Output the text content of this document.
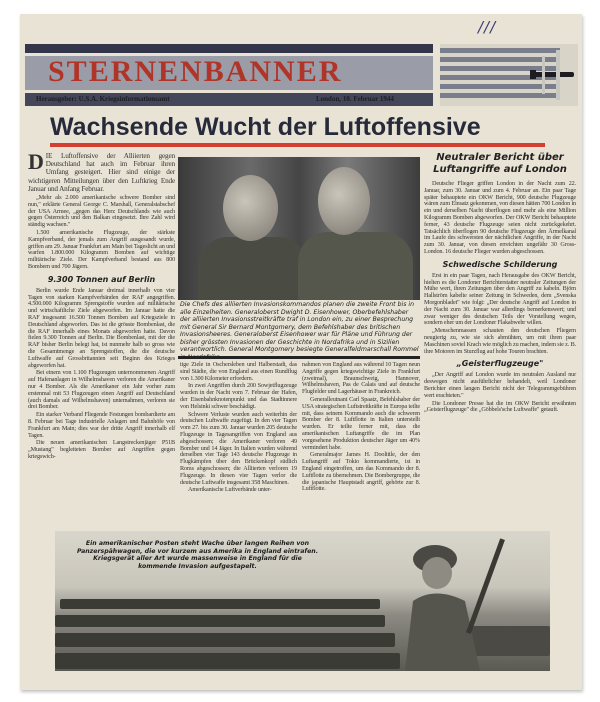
///
STERNENBANNER
Herausgeber: U.S.A. Kriegsinformationsamt	London, 10. Februar 1944
Wachsende Wucht der Luftoffensive
DIE Luftoffensive der Alliierten gegen Deutschland hat auch im Februar ihren Umfang gesteigert. Hier sind einige der wichtigeren Mitteilungen über den Luftkrieg Ende Januar und Anfang Februar.

„Mehr als 2.000 amerikanische schwere Bomber sind nun," erklärte General George C. Marshall, Generalstabschef der USA Armee, „gegen das Herz Deutschlands wie auch gegen Österreich und den Balkan eingesetzt. Ihre Zahl wird ständig wachsen."

1.500 amerikanische Flugzeuge, der stärkste Kampfverband, der jemals zum Angriff ausgesandt wurde, griffen am 29. Januar Frankfurt am Main bei Tageslicht an und warfen 1.800.000 Kilogramm Bomben auf wichtige militärische Ziele. Der Kampfverband bestand aus 800 Bombern und 700 Jägern.

9.300 Tonnen auf Berlin

Berlin wurde Ende Januar dreimal innerhalb von vier Tagen von starken Kampfverbänden der RAF angegriffen. 4.500.000 Kilogramm Sprengstoffe wurden auf militärische und wirtschaftliche Ziele abgeworfen. Im Januar hatte die RAF insgesamt 16.500 Tonnen Bomben auf Kriegsziele in Deutschland abgeworfen. Das ist die grösste Bombenlast, die die RAF innerhalb eines Monats abgeworfen hatte. Davon fielen 9.300 Tonnen auf Berlin. Die Bombenlast, mit der die RAF bisher Berlin belegt hat, ist nunmehr halb so gross wie die Gesamtmenge an Sprengstoffen, die die deutsche Luftwaffe auf Grossbritannien seit Beginn des Krieges abgeworfen hat.

Bei einem von 1.100 Flugzeugen unternommenen Angriff auf Hafenanlagen in Wilhelmshaven verloren die Amerikaner nur 4 Bomber. Als die Amerikaner ein Jahr vorher zum erstenmal mit 53 Flugzeugen einen Angriff auf Deutschland (auch damals auf Wilhelmshaven) unternahmen, verloren sie drei Bomber.

Ein starker Verband Fliegende Festungen bombardierte am 8. Februar bei Tage industrielle Anlagen und Bahnhöfe von Frankfurt am Main; dies war der dritte Angriff innerhalb elf Tagen.

Die neuen amerikanischen Langstreckenjäger P51B „Mustang" begleiteten Bomber auf Angriffen gegen kriegswich-

Die Chefs des alliierten Invasionskommandos planen die zweite Front bis in alle Einzelheiten. Generaloberst Dwight D. Eisenhower, Oberbefehlshaber der alliierten Invasionsstreitkräfte traf in London ein, zu einer Besprechung mit General Sir Bernard Montgomery, dem Befehlshaber des britischen Invasionsheeres. Generaloberst Eisenhower war für Pläne und Führung der bisher grössten Invasionen der Geschichte in Nordafrika und in Sizilien verantwortlich. General Montgomery besiegte Generalfeldmarschall Rommel

tige Ziele in Oschersleben und Halberstadt, das sind Städte, die von England aus einen Rundflug von 1.300 Kilometer erfordern.

In zwei Angriffen durch 200 Sowjetflugzeuge wurden in der Nacht vom 7. Februar der Hafen, der Eisenbahnknotenpunkt und das Stadtinnere von Helsinki schwer beschädigt.

Schwere Verluste wurden auch weiterhin der deutschen Luftwaffe zugefügt. In den vier Tagen vom 27. bis zum 30. Januar wurden 205 deutsche Flugzeuge in Tagesangriffen von England aus abgeschossen; die Amerikaner verloren 49 Bomber und 14 Jäger. In Italien wurden während derselben vier Tage 143 deutsche Flugzeuge in Flugkämpfen über den Brückenkopf südlich Roms abgeschossen; die Alliierten verloren 19 Flugzeuge. In diesen vier Tagen verlor die deutsche Luftwaffe insgesamt 358 Maschinen.

Amerikanische Luftverbände unter-

nahmen von England aus während 10 Tagen neun Angriffe gegen kriegswichtige Ziele in Frankfurt (zweimal), Braunschweig, Hannover, Wilhelmshaven, Pas de Calais und auf deutsche Flugfelder und Lagerhäuser in Frankreich.

Generalleutnant Carl Spaatz, Befehlshaber der USA strategischen Luftstreitkräfte in Europa teilte mit, dass seinem Kommando auch die schweren Bomber der 8. Luftflotte in Italien unterstellt wurden. Er teilte ferner mit, dass die amerikanischen Luftangriffe die im Plan vorgesehene Produktion deutscher Jäger um 40% vermindert habe.

Generalmajor James H. Doolittle, der den Luftangriff auf Tokio kommandierte, ist in England eingetroffen, um das Kommando der 8. Luftflotte zu übernehmen. Die Bombergruppe, die die japanische Hauptstadt angriff, gehörte zur 8. Luftflotte.

Neutraler Bericht über Luftangriffe auf London

Deutsche Flieger griffen London in der Nacht zum 22. Januar, zum 30. Januar und zum 4. Februar an. Ein paar Tage später behauptete ein OKW Bericht, 900 deutsche Flugzeuge wären zum Einsatz gekommen, von diesen hätten 700 London in ein und derselben Nacht überflogen und mehr als eine Million Kilogramm Bomben abgeworfen. Der OKW Bericht behauptete ferner, 43 deutsche Flugzeuge seien nicht zurückgekehrt. Tatsächlich überflogen 90 deutsche Flugzeuge den Ärmelkanal im Laufe des schwersten der nächtlichen Angriffe, in der Nacht zum 30. Januar, von diesen erreichten ungefähr 30 Gross-London. 16 deutsche Flieger wurden abgeschossen.

Schwedische Schilderung

Erst in ein paar Tagen, nach Herausgabe des OKW Bericht, hielten es die Londoner Berichterstatter neutraler Zeitungen der Mühe wert, ihren Zeitungen über den Angriff zu kabeln. Björn Hallström kabelte seiner Zeitung in Schweden, dem „Svenska Morgonbladet" wie folgt: „Der deutsche Angriff auf London in der Nacht zum 30. Januar war allerdings bemerkenswert; und zwar weniger des deutschen Teils der Vorstellung wegen, sondern eher um der Londoner Flakabwehr willen.

„Menschenmassen schauten den deutschen Fliegern neugierig zu, wie sie sich abmühten, um mit ihren paar Maschinen soviel Krach wie möglich zu machen, indem sie z. B. ihre Motoren im Sturzflug auf hohe Touren brachten.

„Geisterflugzeuge"

„Der Angriff auf London wurde im neutralen Ausland nur deswegen nicht ausführlicher behandelt, weil Londoner Berichter einen langen Bericht nicht der Telegrammgebühren wert erachteten."

Die Londoner Presse hat die im OKW Bericht erwähnten „Geisterflugzeuge" die „Göbbels'sche Luftwaffe" getauft.

Ein amerikanischer Posten steht Wache über langen Reihen von Panzerspähwagen, die vor kurzem aus Amerika in England eintrafen. Kriegsgerät aller Art wurde massenweise in England für die kommende Invasion aufgestapelt.
